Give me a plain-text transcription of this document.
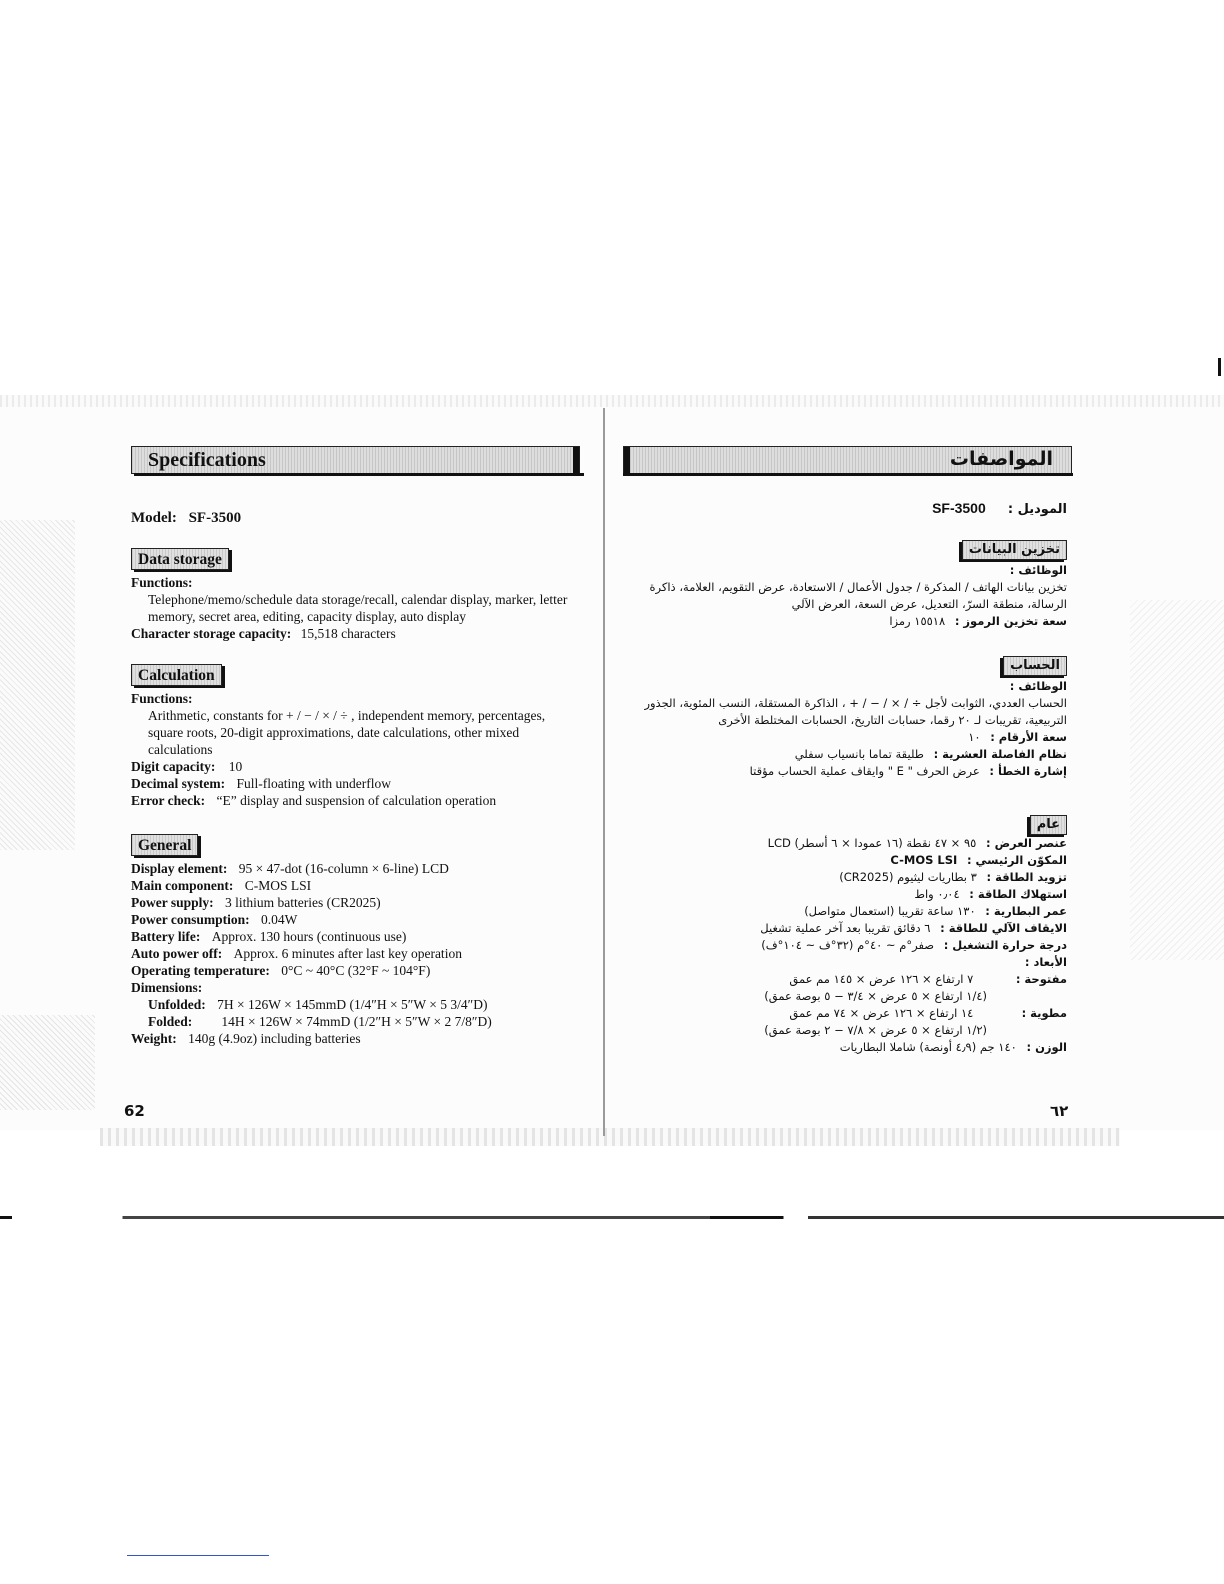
Specifications
Model: SF-3500
Data storage
Functions:
Telephone/memo/schedule data storage/recall, calendar display, marker, letter memory, secret area, editing, capacity display, auto display
Character storage capacity: 15,518 characters
Calculation
Functions:
Arithmetic, constants for + / − / × / ÷ , independent memory, percentages, square roots, 20-digit approximations, date calculations, other mixed calculations
Digit capacity: 10
Decimal system: Full-floating with underflow
Error check: “E” display and suspension of calculation operation
General
Display element: 95 × 47-dot (16-column × 6-line) LCD
Main component: C-MOS LSI
Power supply: 3 lithium batteries (CR2025)
Power consumption: 0.04W
Battery life: Approx. 130 hours (continuous use)
Auto power off: Approx. 6 minutes after last key operation
Operating temperature: 0°C ~ 40°C (32°F ~ 104°F)
Dimensions:
Unfolded: 7H × 126W × 145mmD (1/4″H × 5″W × 5 3/4″D)
Folded: 14H × 126W × 74mmD (1/2″H × 5″W × 2 7/8″D)
Weight: 140g (4.9oz) including batteries
62
المواصفات
الموديل : SF-3500
تخزين البيانات
الوظائف :
تخزين بيانات الهاتف / المذكرة / جدول الأعمال / الاستعادة، عرض التقويم، العلامة، ذاكرة الرسالة، منطقة السرّ، التعديل، عرض السعة، العرض الآلي
سعة تخزين الرموز : ١٥٥١٨ رمزا
الحساب
الوظائف :
الحساب العددي، الثوابت لأجل ÷ / × / − / + ، الذاكرة المستقلة، النسب المئوية، الجذور التربيعية، تقريبات لـ ٢٠ رقما، حسابات التاريخ، الحسابات المختلطة الأخرى
سعة الأرقام : ١٠
نظام الفاصلة العشرية : طليقة تماما بانسياب سفلي
إشارة الخطأ : عرض الحرف " E " وايقاف عملية الحساب مؤقتا
عام
عنصر العرض : ٩٥ × ٤٧ نقطة (١٦ عمودا × ٦ أسطر) LCD
المكوّن الرئيسي : C-MOS LSI
تزويد الطاقة : ٣ بطاريات ليثيوم (CR2025)
استهلاك الطاقة : ٠٫٠٤ واط
عمر البطارية : ١٣٠ ساعة تقريبا (استعمال متواصل)
الايقاف الآلي للطاقة : ٦ دقائق تقريبا بعد آخر عملية تشغيل
درجة حرارة التشغيل : صفر°م ~ ٤٠°م (٣٢°ف ~ ١٠٤°ف)
الأبعاد :
مفتوحة : ٧ ارتفاع × ١٢٦ عرض × ١٤٥ مم عمق
(١/٤ ارتفاع × ٥ عرض × ٣/٤ − ٥ بوصة عمق)
مطوية : ١٤ ارتفاع × ١٢٦ عرض × ٧٤ مم عمق
(١/٢ ارتفاع × ٥ عرض × ٧/٨ − ٢ بوصة عمق)
الوزن : ١٤٠ جم (٤٫٩ أونصة) شاملا البطاريات
٦٢
